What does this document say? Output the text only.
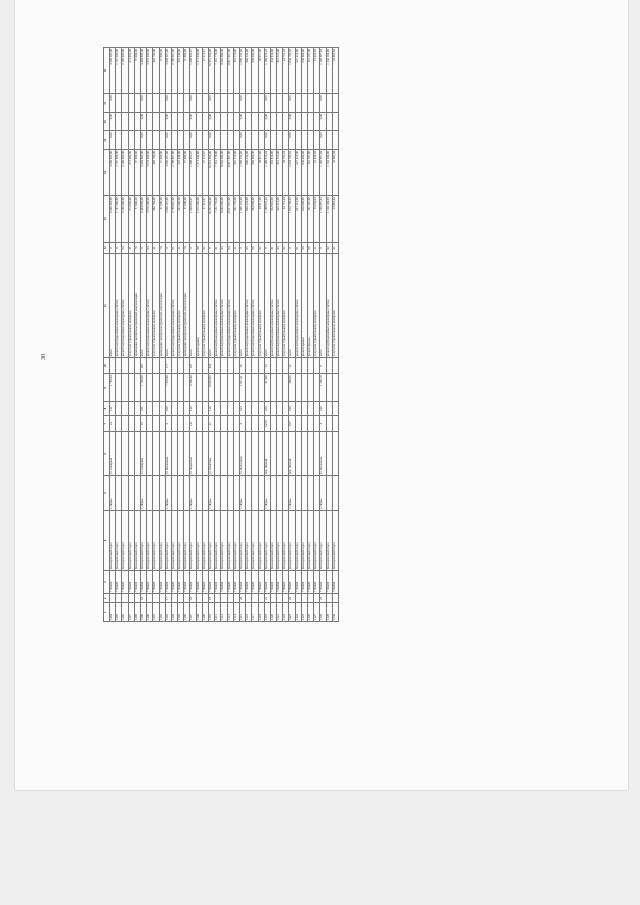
30
1	2	3	4	5	6	7	8	9	10	11	12	13	14	15	16	17	18
1294		7706400	Коммерческий отдел	г. Пермь	ул. Северная	14	121	1 793,24		итого	0	4 596 293,09	4 596 293,09	0,00	0,00	0,00	4 596 293,09
1295		7706400	Коммерческий отдел							ремонт внутридомовых инженерных систем	11	1 767 285,09	1 767 285,09				1 767 285,09
1296		7706400	Коммерческий отдел							ремонт внутридомовых инженерных систем	04	2 196 406,00	2 196 406,00				2 196 406,00
1297		7706400	Коммерческий отдел							услуги по строительному контролю	21	573 602,00	573 602,00				573 602,00
1298		7706400	Коммерческий отдел							проведение экспертизы проектной документации	76	57 000,00	57 000,00				57 000,00
1299	16	7706400	Коммерческий отдел	г. Пермь	ул. Северная	15	151	1 765,60	207	итого	0	4 494 905,00	4 494 905,00	0,00	0,00	0,00	4 494 905,00
1300		7706400	Коммерческий отдел							ремонт внутридомовых инженерных систем	04	3 576 205,00	3 576 205,00				3 576 205,00
1301		7706400	Коммерческий отдел							услуги по строительному контролю	21	482 704,00	482 704,00				482 704,00
1302		7706400	Коммерческий отдел							проведение экспертизы проектной документации	76	57 000,00	57 000,00				57 000,00
1303	17	7706400	Коммерческий отдел	г. Пермь	ул. Васильева	5	109	7 333,80	177	итого	0	3 059 307,00	3 059 307,00	0,00	0,00	0,00	3 059 307,00
1304		7706400	Коммерческий отдел							ремонт внутридомовых инженерных систем	01	2 799 067,00	2 799 067,00				2 799 067,00
1305		7706400	Коммерческий отдел							услуги по строительному контролю	21	223 240,00	223 240,00				223 240,00
1306		7706400	Коммерческий отдел							проведение экспертизы проектной документации	76	57 000,00	57 000,00				57 000,00
1307	18	7706400	Коммерческий отдел	г. Пермь	ул. Лодыгина	121	120	6 396,40	187	итого	0	1 298 853,67	1 298 853,67	0,00	0,00	0,00	1 298 853,67
1308		7706400	Коммерческий отдел							ремонт крыши	08	1 271 640,00	1 271 640,00				1 271 640,00
1309		7706400	Коммерческий отдел							услуги по строительному контролю	21	27 213,67	27 213,67				27 213,67
1310	19	7706400	Коммерческий отдел	г. Пермь	ул. Решетова	11	110	10 823,00	464	итого	0	16 551 566,00	16 551 566,00	0,00	0,00	0,00	16 551 566,00
1311		7706400	Коммерческий отдел							ремонт внутридомовых инженерных систем	01	7 151 770,00	7 151 770,00				7 151 770,00
1312		7706400	Коммерческий отдел							ремонт внутридомовых инженерных систем	03	8 682 096,00	8 682 096,00				8 682 096,00
1313		7706400	Коммерческий отдел							ремонт внутридомовых инженерных систем	04	-8 817 057,00	-8 817 057,00				-8 817 057,00
1314		7706400	Коммерческий отдел							услуги по строительному контролю	21	561 176,00	561 176,00				561 176,00
1315	20	7706400	Коммерческий отдел	г. Пермь	ул. Плеханова	5	103	1 817,21	25	итого	0	1 599 153,40	1 599 153,40	0,00	0,00	0,00	1 599 153,40
1316		7706400	Коммерческий отдел							ремонт внутридомовых инженерных систем	05	966 332,00	966 332,00				966 332,00
1317		7706400	Коммерческий отдел							ремонт внутридомовых инженерных систем	06	584 904,00	584 904,00				584 904,00
1318		7706400	Коммерческий отдел							услуги по строительному контролю	21	28 917,40	28 917,40				28 917,40
1319	21	7706400	Коммерческий отдел	г. Пермь	пер. Лесной	14/15	100	411,90	34	итого	0	1 180 976,24	1 180 976,24	0,00	0,00	0,00	1 180 976,24
1320		7706400	Коммерческий отдел							ремонт внутридомовых инженерных систем	01	332 916,00	332 916,00				332 916,00
1321		7706400	Коммерческий отдел							ремонт внутридомовых инженерных систем	03	415 313,00	415 313,00				415 313,00
1322		7706400	Коммерческий отдел							услуги по строительному контролю	21	24 751,24	24 751,24				24 751,24
1323	22	7706400	Коммерческий отдел	г. Пермь	пер. Лесной	15/7	100	299,00	22	итого	0	1 034 705,03	1 034 705,03	0,00	0,00	0,00	1 034 705,03
1324		7706400	Коммерческий отдел							ремонт внутридомовых инженерных систем	01	227 215,00	227 215,00				227 215,00
1325		7706400	Коммерческий отдел							ремонт крыши	08	630 669,00	630 669,00				630 669,00
1326		7706400	Коммерческий отдел							ремонт фасада	09	161 187,00	161 187,00				161 187,00
1327		7706400	Коммерческий отдел							услуги по строительному контролю	21	15 634,03	15 634,03				15 634,03
1328	23	7706400	Коммерческий отдел	г. Пермь	ул. Васильева	4	100	1 356,70	71	итого	0	1 169 997,84	1 169 997,84	0,00	0,00	0,00	1 169 997,84
1329		7706400	Коммерческий отдел							ремонт внутридомовых инженерных систем	02	1 136 104,00	1 136 104,00				1 136 104,00
1330		7706400	Коммерческий отдел							услуги по строительному контролю	21	33 893,84	33 893,84				33 893,84
